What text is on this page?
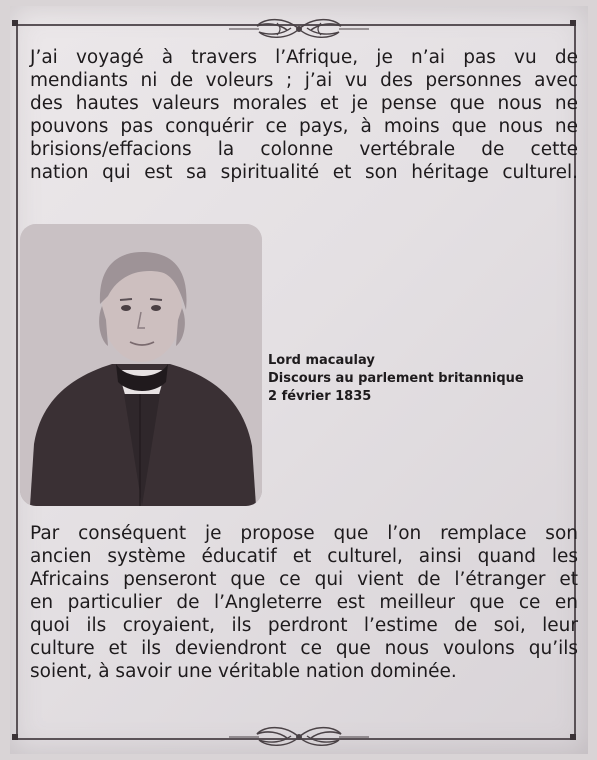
J’ai voyagé à travers l’Afrique, je n’ai pas vu de
mendiants ni de voleurs ; j’ai vu des personnes avec
des hautes valeurs morales et je pense que nous ne
pouvons pas conquérir ce pays, à moins que nous ne
brisions/effacions la colonne vertébrale de cette
nation qui est sa spiritualité et son héritage culturel.
Lord macaulay
Discours au parlement britannique
2 février 1835
Par conséquent je propose que l’on remplace son
ancien système éducatif et culturel, ainsi quand les
Africains penseront que ce qui vient de l’étranger et
en particulier de l’Angleterre est meilleur que ce en
quoi ils croyaient, ils perdront l’estime de soi, leur
culture et ils deviendront ce que nous voulons qu’ils
soient, à savoir une véritable nation dominée.
